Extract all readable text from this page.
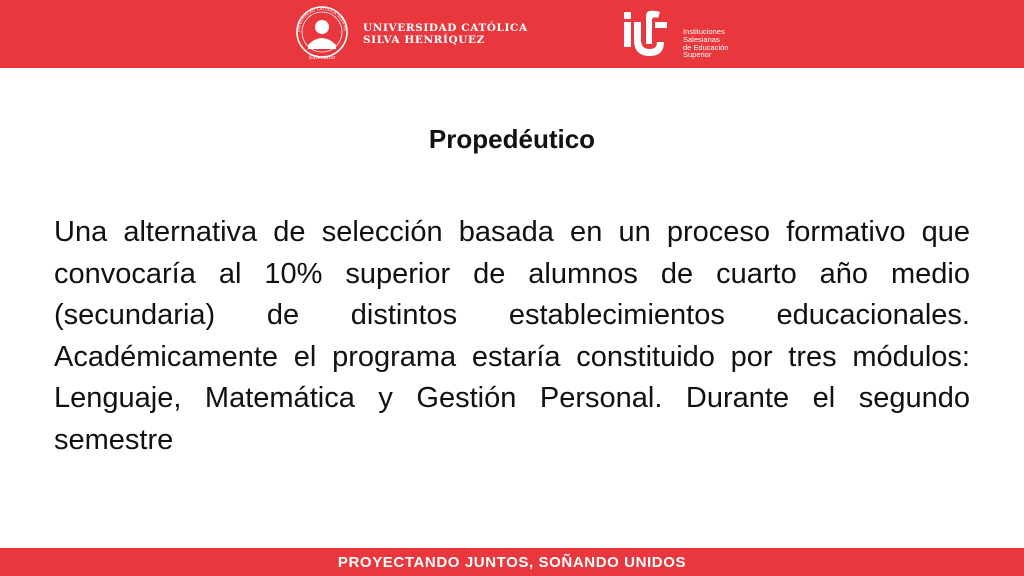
UNIVERSIDAD CATÓLICA SILVA HE
Salesiana
UNIVERSIDAD CATÓLICA
SILVA HENRÍQUEZ
Instituciones
Salesianas
de Educación
Superior
Propedéutico
Una alternativa de selección basada en un proceso formativo que convocaría al 10% superior de alumnos de cuarto año medio (secundaria) de distintos establecimientos educacionales. Académicamente el programa estaría constituido por tres módulos: Lenguaje, Matemática y Gestión Personal. Durante el segundo semestre
PROYECTANDO JUNTOS, SOÑANDO UNIDOS
